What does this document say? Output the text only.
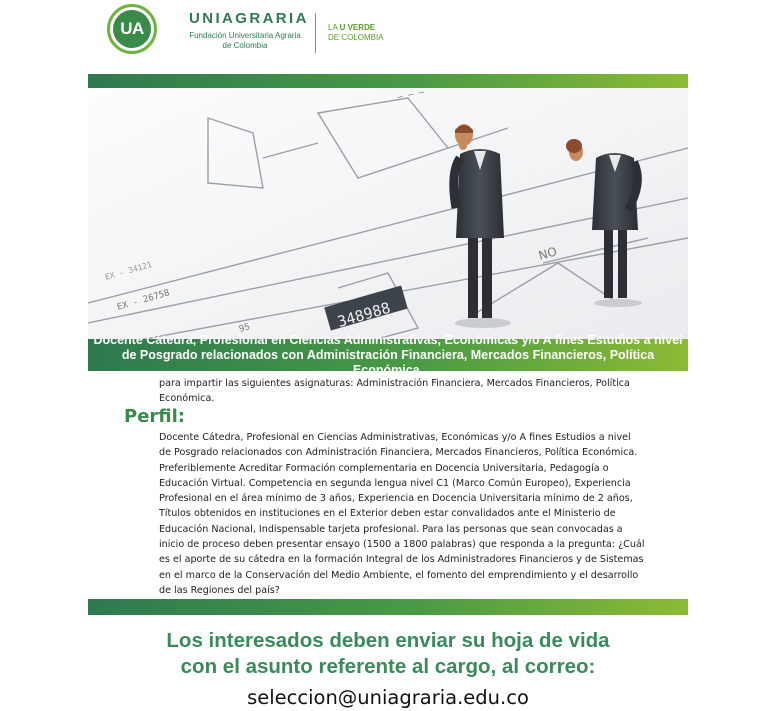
UA
UNIAGRARIA
Fundación Universitaria Agraria
de Colombia
LA U VERDE
DE COLOMBIA
— — —
348988
NO
EX - 26758
EX - 34121
95
Docente Cátedra, Profesional en Ciencias Administrativas, Económicas y/o A fines Estudios a nivel
de Posgrado relacionados con Administración Financiera, Mercados Financieros, Política Económica.
para impartir las siguientes asignaturas: Administración Financiera, Mercados Financieros, Política Económica.
Perfil:
Docente Cátedra, Profesional en Ciencias Administrativas, Económicas y/o A fines Estudios a nivel de Posgrado relacionados con Administración Financiera, Mercados Financieros, Política Económica. Preferiblemente Acreditar Formación complementaria en Docencia Universitaria, Pedagogía o Educación Virtual. Competencia en segunda lengua nivel C1 (Marco Común Europeo), Experiencia Profesional en el área mínimo de 3 años, Experiencia en Docencia Universitaria mínimo de 2 años, Títulos obtenidos en instituciones en el Exterior deben estar convalidados ante el Ministerio de Educación Nacional, Indispensable tarjeta profesional. Para las personas que sean convocadas a inicio de proceso deben presentar ensayo (1500 a 1800 palabras) que responda a la pregunta: ¿Cuál es el aporte de su cátedra en la formación Integral de los Administradores Financieros y de Sistemas en el marco de la Conservación del Medio Ambiente, el fomento del emprendimiento y el desarrollo de las Regiones del país?
Los interesados deben enviar su hoja de vida
con el asunto referente al cargo, al correo:
seleccion@uniagraria.edu.co
